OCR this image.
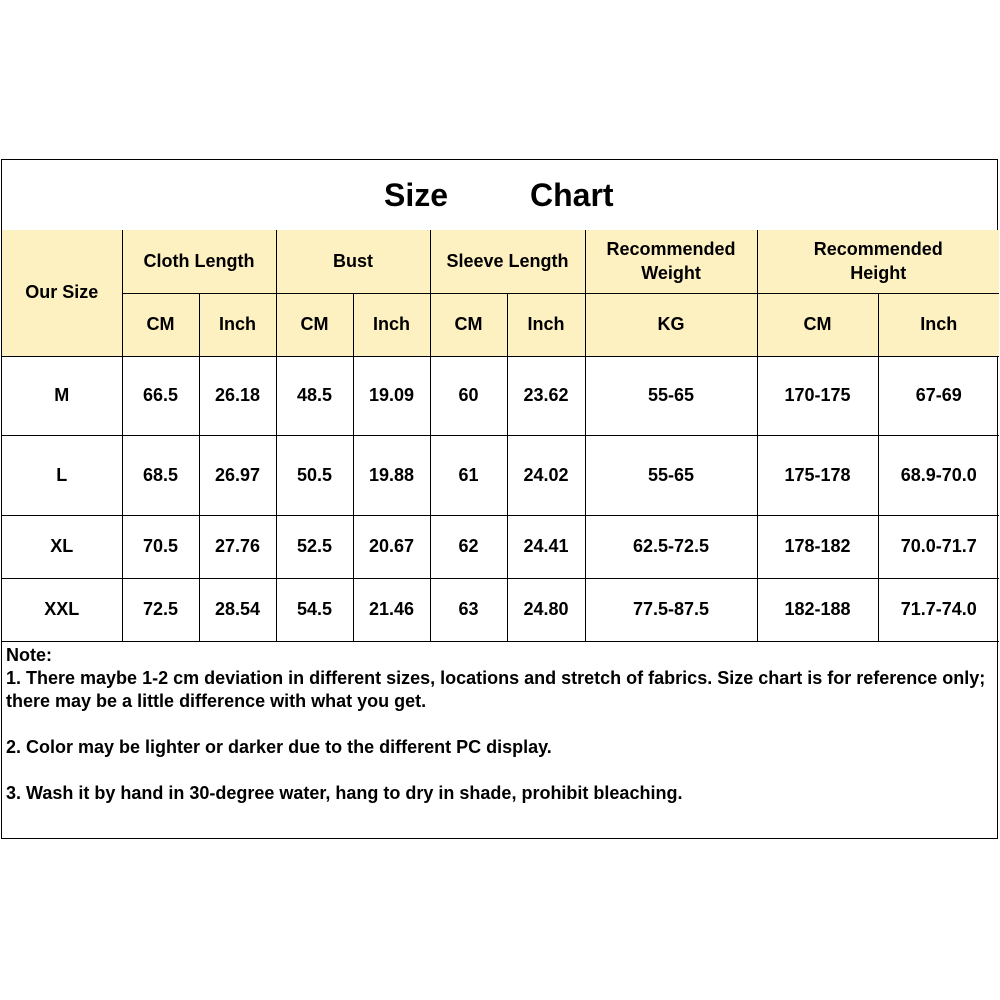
Size	Chart
Our Size	Cloth Length		Bust		Sleeve Length		Recommended Weight	Recommended Height	

	CM	Inch	CM	Inch	CM	Inch	KG	CM	Inch
M	66.5	26.18	48.5	19.09	60	23.62	55-65	170-175	67-69
L	68.5	26.97	50.5	19.88	61	24.02	55-65	175-178	68.9-70.0
XL	70.5	27.76	52.5	20.67	62	24.41	62.5-72.5	178-182	70.0-71.7
XXL	72.5	28.54	54.5	21.46	63	24.80	77.5-87.5	182-188	71.7-74.0

Note:

1. There maybe 1-2 cm deviation in different sizes, locations and stretch of fabrics. Size chart is for reference only; there may be a little difference with what you get.

2. Color may be lighter or darker due to the different PC display.

3. Wash it by hand in 30-degree water, hang to dry in shade, prohibit bleaching.
